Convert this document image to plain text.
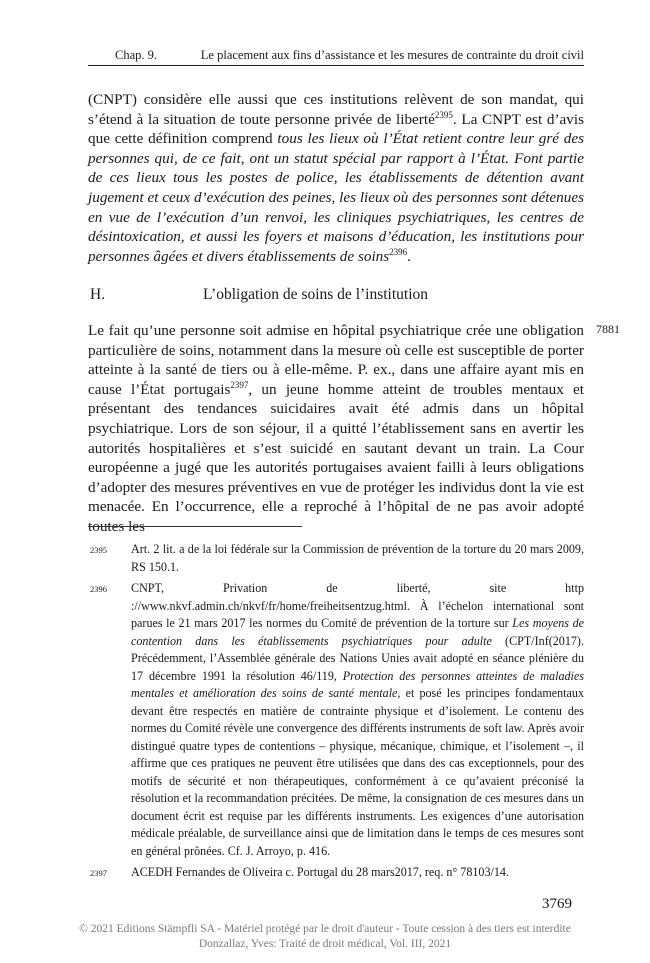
Chap. 9.	Le placement aux fins d’assistance et les mesures de contrainte du droit civil

(CNPT) considère elle aussi que ces institutions relèvent de son mandat, qui s’étend à la situation de toute personne privée de liberté$^{2395}$. La CNPT est d’avis que cette définition comprend tous les lieux où l’État retient contre leur gré des personnes qui, de ce fait, ont un statut spécial par rapport à l’État. Font partie de ces lieux tous les postes de police, les établissements de détention avant jugement et ceux d’exécution des peines, les lieux où des personnes sont détenues en vue de l’exécution d’un renvoi, les cliniques psychiatriques, les centres de désintoxication, et aussi les foyers et maisons d’éducation, les institutions pour personnes âgées et divers établissements de soins$^{2396}$.

H.	L’obligation de soins de l’institution
7881

Le fait qu’une personne soit admise en hôpital psychiatrique crée une obligation particulière de soins, notamment dans la mesure où celle est susceptible de porter atteinte à la santé de tiers ou à elle-même. P. ex., dans une affaire ayant mis en cause l’État portugais$^{2397}$, un jeune homme atteint de troubles mentaux et présentant des tendances suicidaires avait été admis dans un hôpital psychiatrique. Lors de son séjour, il a quitté l’établissement sans en avertir les autorités hospitalières et s’est suicidé en sautant devant un train. La Cour européenne a jugé que les autorités portugaises avaient failli à leurs obligations d’adopter des mesures préventives en vue de protéger les individus dont la vie est menacée. En l’occurrence, elle a reproché à l’hôpital de ne pas avoir adopté toutes les

2395 Art. 2 lit. a de la loi fédérale sur la Commission de prévention de la torture du 20 mars 2009, RS 150.1.
2396 CNPT, Privation de liberté, site http ://www.nkvf.admin.ch/nkvf/fr/home/freiheitsentzug.html. À l’échelon international sont parues le 21 mars 2017 les normes du Comité de prévention de la torture sur Les moyens de contention dans les établissements psychiatriques pour adulte (CPT/Inf(2017). Précédemment, l’Assemblée générale des Nations Unies avait adopté en séance plénière du 17 décembre 1991 la résolution 46/119, Protection des personnes atteintes de maladies mentales et amélioration des soins de santé mentale, et posé les principes fondamentaux devant être respectés en matière de contrainte physique et d’isolement. Le contenu des normes du Comité révèle une convergence des différents instruments de soft law. Après avoir distingué quatre types de contentions – physique, mécanique, chimique, et l’isolement –, il affirme que ces pratiques ne peuvent être utilisées que dans des cas exceptionnels, pour des motifs de sécurité et non thérapeutiques, conformément à ce qu’avaient préconisé la résolution et la recommandation précitées. De même, la consignation de ces mesures dans un document écrit est requise par les différents instruments. Les exigences d’une autorisation médicale préalable, de surveillance ainsi que de limitation dans le temps de ces mesures sont en général prônées. Cf. J. Arroyo, p. 416.
2397 ACEDH Fernandes de Oliveira c. Portugal du 28 mars2017, req. n° 78103/14.
3769
© 2021 Editions Stämpfli SA - Matériel protégé par le droit d'auteur - Toute cession à des tiers est interdite
Donzallaz, Yves: Traité de droit médical, Vol. III, 2021
